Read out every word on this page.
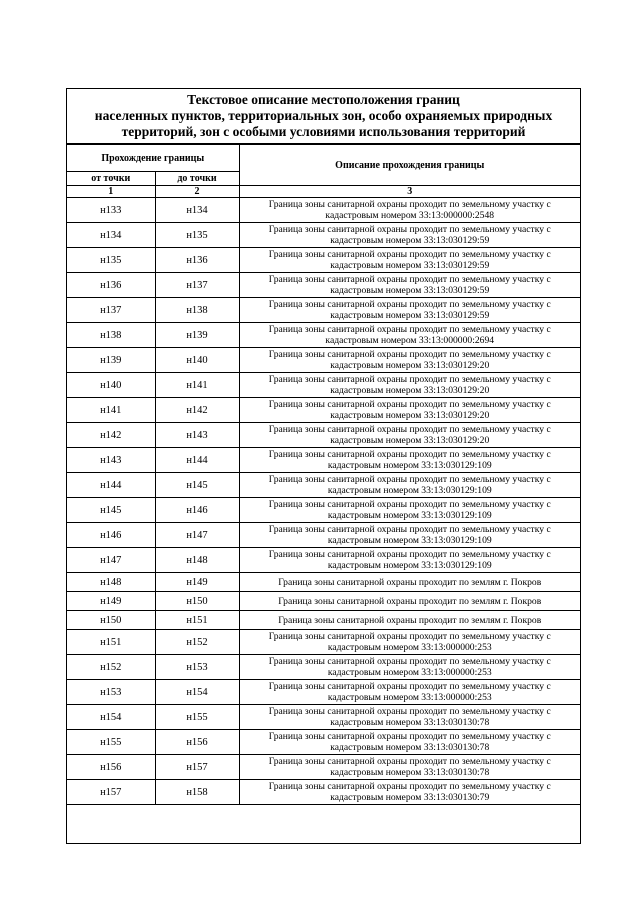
Текстовое описание местоположения границ
населенных пунктов, территориальных зон, особо охраняемых природных
территорий, зон с особыми условиями использования территорий
Прохождение границы		Описание прохождения границы
от точки	до точки	
1	2	3
н133	н134	Граница зоны санитарной охраны проходит по земельному участку с
кадастровым номером 33:13:000000:2548

н134	н135	Граница зоны санитарной охраны проходит по земельному участку с
кадастровым номером 33:13:030129:59

н135	н136	Граница зоны санитарной охраны проходит по земельному участку с
кадастровым номером 33:13:030129:59

н136	н137	Граница зоны санитарной охраны проходит по земельному участку с
кадастровым номером 33:13:030129:59

н137	н138	Граница зоны санитарной охраны проходит по земельному участку с
кадастровым номером 33:13:030129:59

н138	н139	Граница зоны санитарной охраны проходит по земельному участку с
кадастровым номером 33:13:000000:2694

н139	н140	Граница зоны санитарной охраны проходит по земельному участку с
кадастровым номером 33:13:030129:20

н140	н141	Граница зоны санитарной охраны проходит по земельному участку с
кадастровым номером 33:13:030129:20

н141	н142	Граница зоны санитарной охраны проходит по земельному участку с
кадастровым номером 33:13:030129:20

н142	н143	Граница зоны санитарной охраны проходит по земельному участку с
кадастровым номером 33:13:030129:20

н143	н144	Граница зоны санитарной охраны проходит по земельному участку с
кадастровым номером 33:13:030129:109

н144	н145	Граница зоны санитарной охраны проходит по земельному участку с
кадастровым номером 33:13:030129:109

н145	н146	Граница зоны санитарной охраны проходит по земельному участку с
кадастровым номером 33:13:030129:109

н146	н147	Граница зоны санитарной охраны проходит по земельному участку с
кадастровым номером 33:13:030129:109

н147	н148	Граница зоны санитарной охраны проходит по земельному участку с
кадастровым номером 33:13:030129:109

н148	н149	Граница зоны санитарной охраны проходит по землям г. Покров

н149	н150	Граница зоны санитарной охраны проходит по землям г. Покров

н150	н151	Граница зоны санитарной охраны проходит по землям г. Покров

н151	н152	Граница зоны санитарной охраны проходит по земельному участку с
кадастровым номером 33:13:000000:253

н152	н153	Граница зоны санитарной охраны проходит по земельному участку с
кадастровым номером 33:13:000000:253

н153	н154	Граница зоны санитарной охраны проходит по земельному участку с
кадастровым номером 33:13:000000:253

н154	н155	Граница зоны санитарной охраны проходит по земельному участку с
кадастровым номером 33:13:030130:78

н155	н156	Граница зоны санитарной охраны проходит по земельному участку с
кадастровым номером 33:13:030130:78

н156	н157	Граница зоны санитарной охраны проходит по земельному участку с
кадастровым номером 33:13:030130:78

н157	н158	Граница зоны санитарной охраны проходит по земельному участку с
кадастровым номером 33:13:030130:79
